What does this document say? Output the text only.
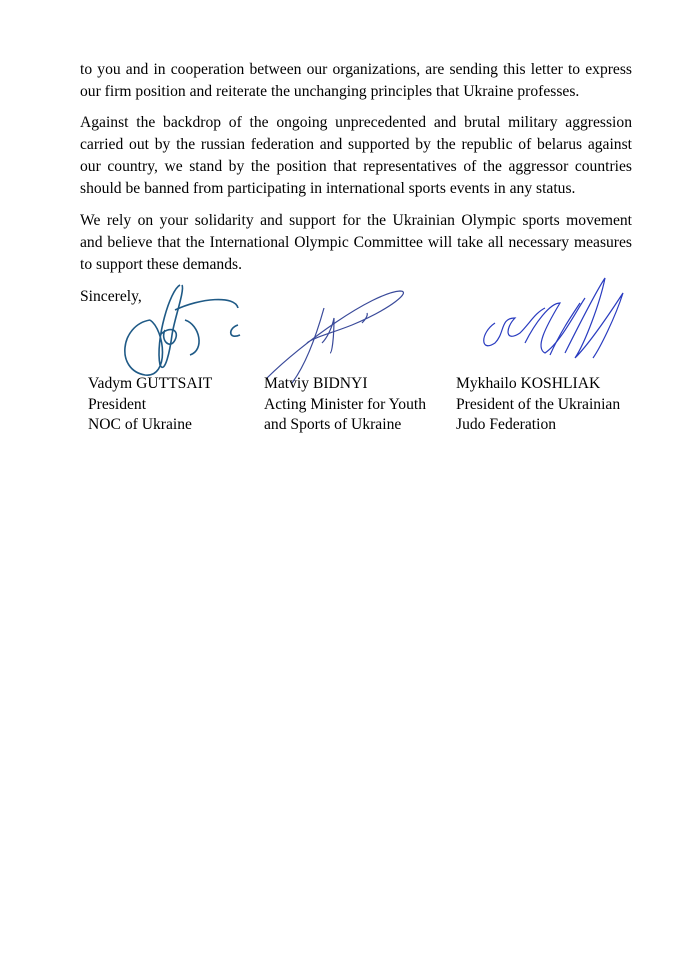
to you and in cooperation between our organizations, are sending this letter to express
our firm position and reiterate the unchanging principles that Ukraine professes.
Against the backdrop of the ongoing unprecedented and brutal military aggression
carried out by the russian federation and supported by the republic of belarus against
our country, we stand by the position that representatives of the aggressor countries
should be banned from participating in international sports events in any status.
We rely on your solidarity and support for the Ukrainian Olympic sports movement
and believe that the International Olympic Committee will take all necessary measures
to support these demands.
Sincerely,
Vadym GUTTSAIT
President
NOC of Ukraine
Matviy BIDNYI
Acting Minister for Youth
and Sports of Ukraine
Mykhailo KOSHLIAK
President of the Ukrainian
Judo Federation
